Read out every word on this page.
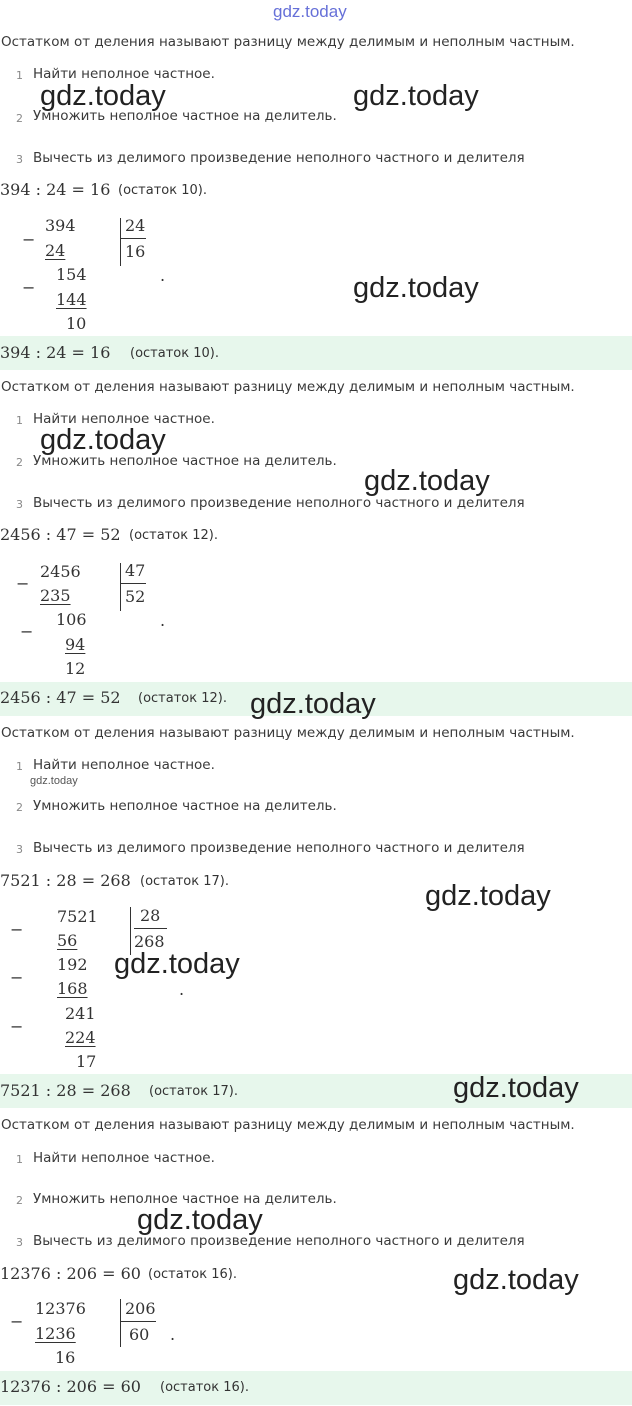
gdz.today
Остатком от деления называют разницу между делимым и неполным частным.
1 Найти неполное частное.
2 Умножить неполное частное на делитель.
3 Вычесть из делимого произведение неполного частного и делителя
394 : 24 = 16 (остаток 10).
−
−
394
24
154
144
10
24
16
.
394 : 24 = 16 (остаток 10).
gdz.today	gdz.today
gdz.today
Остатком от деления называют разницу между делимым и неполным частным.
1 Найти неполное частное.
2 Умножить неполное частное на делитель.
3 Вычесть из делимого произведение неполного частного и делителя
2456 : 47 = 52 (остаток 12).
−
−
2456
235
106
94
12
47
52
.
2456 : 47 = 52 (остаток 12).
gdz.today
gdz.today
gdz.today
Остатком от деления называют разницу между делимым и неполным частным.
1 Найти неполное частное.
gdz.today
2 Умножить неполное частное на делитель.
3 Вычесть из делимого произведение неполного частного и делителя
7521 : 28 = 268 (остаток 17).
−
−
−
7521
56
192
168
241
224
17
28
268
.
7521 : 28 = 268 (остаток 17).
gdz.today
gdz.today
gdz.today
Остатком от деления называют разницу между делимым и неполным частным.
1 Найти неполное частное.
2 Умножить неполное частное на делитель.
3 Вычесть из делимого произведение неполного частного и делителя
12376 : 206 = 60 (остаток 16).
−
12376
1236
16
206
60 .
12376 : 206 = 60 (остаток 16).
gdz.today
gdz.today
